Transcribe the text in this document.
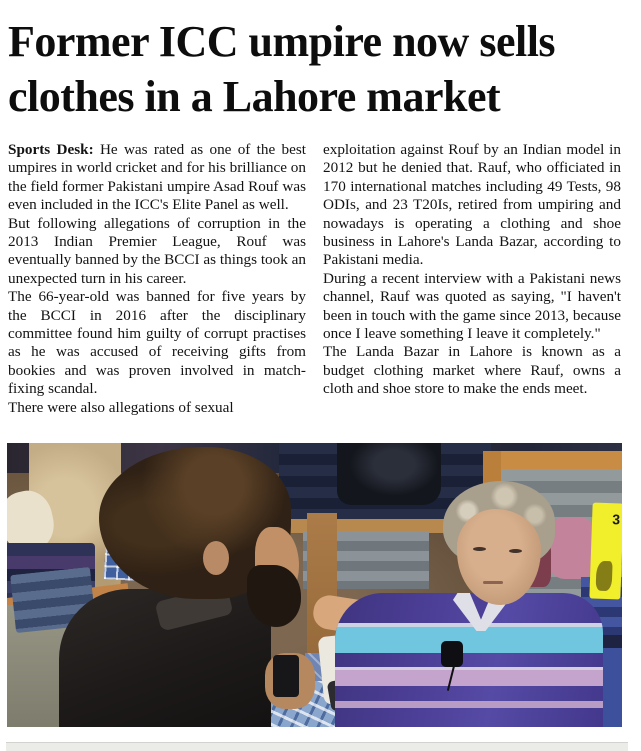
Former ICC umpire now sells clothes in a Lahore market

Sports Desk: He was rated as one of the best umpires in world cricket and for his brilliance on the field former Pakistani umpire Asad Rouf was even included in the ICC's Elite Panel as well.

But following allegations of corruption in the 2013 Indian Premier League, Rouf was eventually banned by the BCCI as things took an unexpected turn in his career.

The 66-year-old was banned for five years by the BCCI in 2016 after the disciplinary committee found him guilty of corrupt practises as he was accused of receiving gifts from bookies and was proven involved in match-fixing scandal.

There were also allegations of sexual

exploitation against Rouf by an Indian model in 2012 but he denied that. Rauf, who officiated in 170 international matches including 49 Tests, 98 ODIs, and 23 T20Is, retired from umpiring and nowadays is operating a clothing and shoe business in Lahore's Landa Bazar, according to Pakistani media.

During a recent interview with a Pakistani news channel, Rauf was quoted as saying, "I haven't been in touch with the game since 2013, because once I leave something I leave it completely."

The Landa Bazar in Lahore is known as a budget clothing market where Rauf, owns a cloth and shoe store to make the ends meet.

3
